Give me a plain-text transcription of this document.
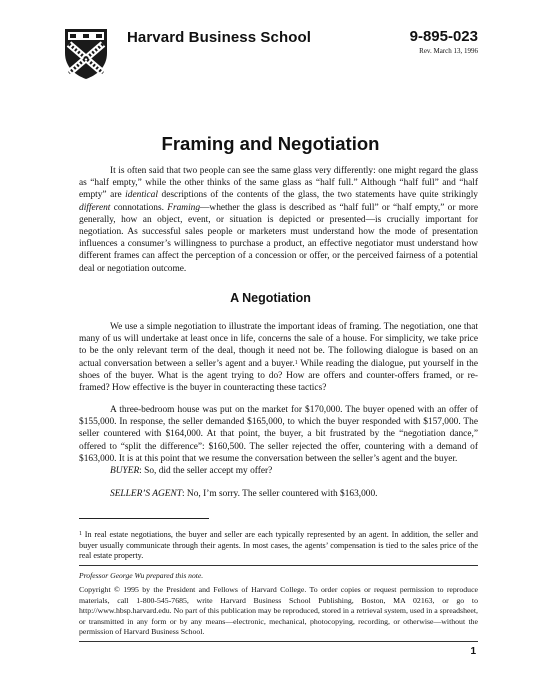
Harvard Business School	9-895-023
Rev. March 13, 1996
Framing and Negotiation

It is often said that two people can see the same glass very differently: one might regard the glass as “half empty,” while the other thinks of the same glass as “half full.” Although “half full” and “half empty” are identical descriptions of the contents of the glass, the two statements have quite strikingly different connotations. Framing—whether the glass is described as “half full” or “half empty,” or more generally, how an object, event, or situation is depicted or presented—is crucially important for negotiation. As successful sales people or marketers must understand how the mode of presentation influences a consumer’s willingness to purchase a product, an effective negotiator must understand how different frames can affect the perception of a concession or offer, or the perceived fairness of a potential deal or negotiation outcome.

A Negotiation

We use a simple negotiation to illustrate the important ideas of framing. The negotiation, one that many of us will undertake at least once in life, concerns the sale of a house. For simplicity, we take price to be the only relevant term of the deal, though it need not be. The following dialogue is based on an actual conversation between a seller’s agent and a buyer.$^1$ While reading the dialogue, put yourself in the shoes of the buyer. What is the agent trying to do? How are offers and counter-offers framed, or re-framed? How effective is the buyer in counteracting these tactics?

A three-bedroom house was put on the market for $170,000. The buyer opened with an offer of $155,000. In response, the seller demanded $165,000, to which the buyer responded with $157,000. The seller countered with $164,000. At that point, the buyer, a bit frustrated by the “negotiation dance,” offered to “split the difference”: $160,500. The seller rejected the offer, countering with a demand of $163,000. It is at this point that we resume the conversation between the seller’s agent and the buyer.

BUYER: So, did the seller accept my offer?

SELLER’S AGENT: No, I’m sorry. The seller countered with $163,000.

$^1$ In real estate negotiations, the buyer and seller are each typically represented by an agent. In addition, the seller and buyer usually communicate through their agents. In most cases, the agents’ compensation is tied to the sales price of the real estate property.

Professor George Wu prepared this note.

Copyright © 1995 by the President and Fellows of Harvard College. To order copies or request permission to reproduce materials, call 1-800-545-7685, write Harvard Business School Publishing, Boston, MA 02163, or go to http://www.hbsp.harvard.edu. No part of this publication may be reproduced, stored in a retrieval system, used in a spreadsheet, or transmitted in any form or by any means—electronic, mechanical, photocopying, recording, or otherwise—without the permission of Harvard Business School.

1
